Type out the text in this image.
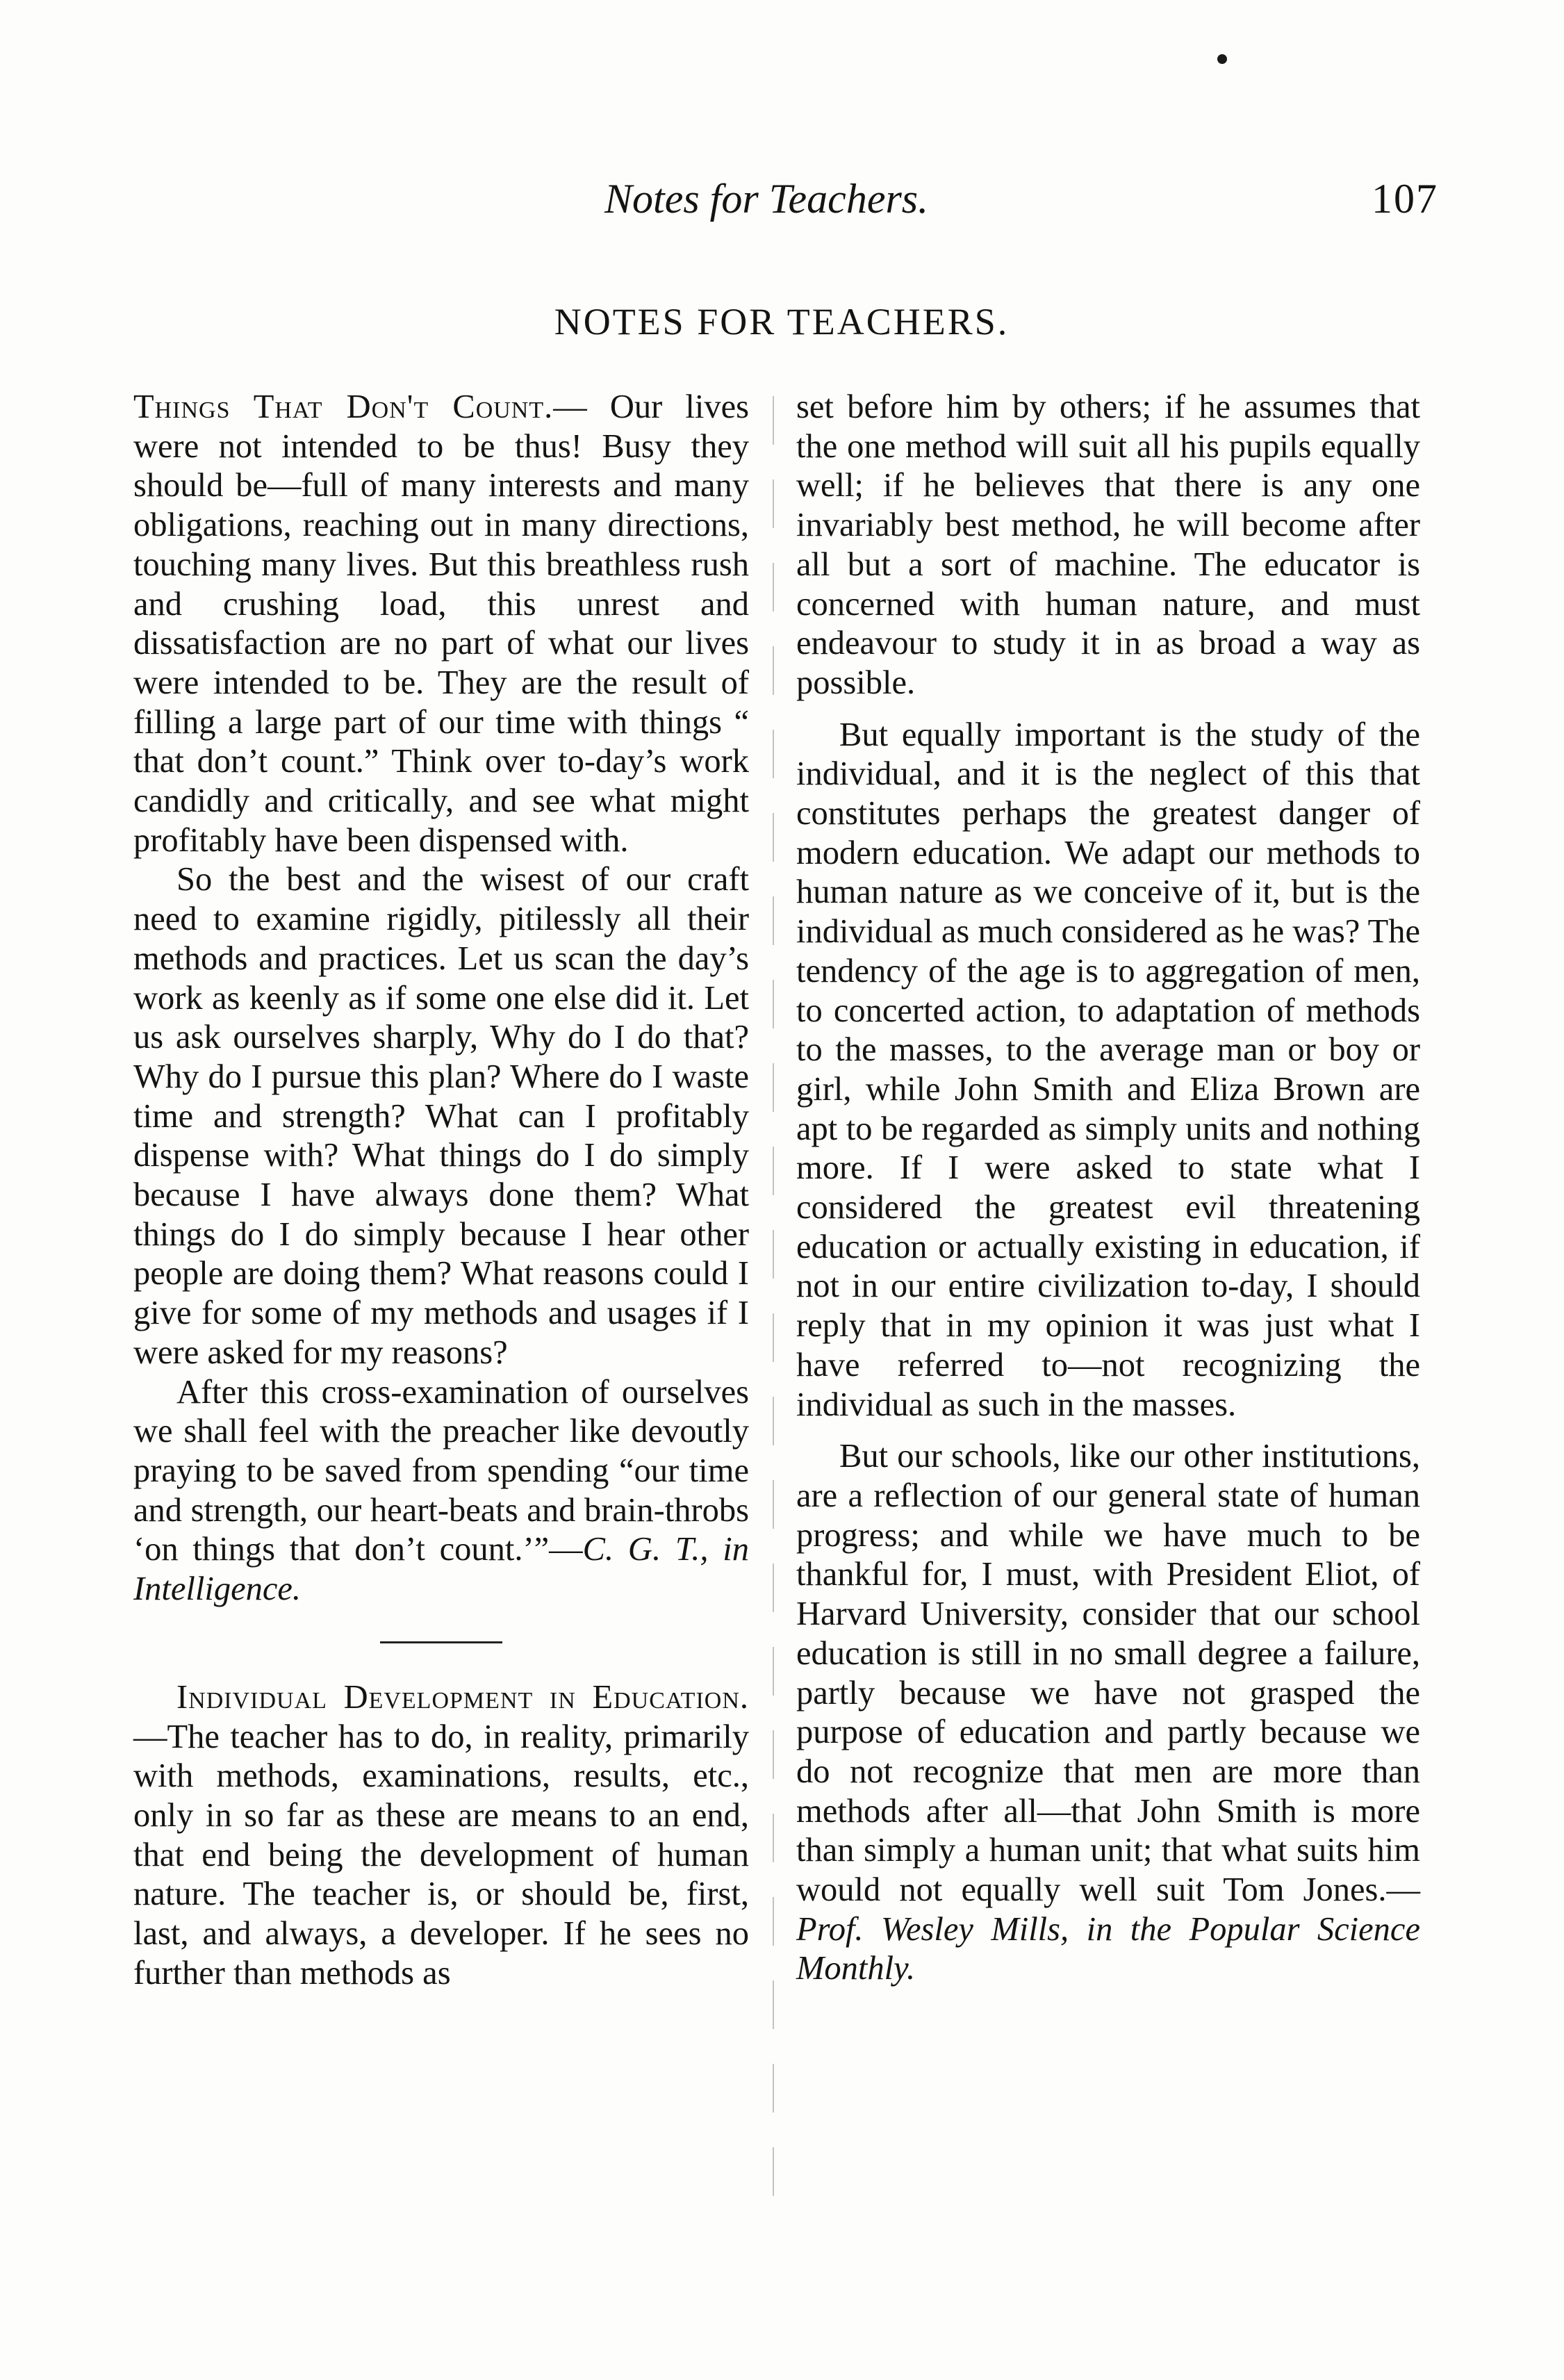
Notes for Teachers.	107
NOTES FOR TEACHERS.

Things That Don't Count.— Our lives were not intended to be thus! Busy they should be—full of many interests and many obligations, reaching out in many directions, touching many lives. But this breathless rush and crushing load, this unrest and dissatisfaction are no part of what our lives were intended to be. They are the result of filling a large part of our time with things “ that don’t count.” Think over to-day’s work candidly and critically, and see what might profitably have been dispensed with.

So the best and the wisest of our craft need to examine rigidly, pitilessly all their methods and practices. Let us scan the day’s work as keenly as if some one else did it. Let us ask ourselves sharply, Why do I do that? Why do I pursue this plan? Where do I waste time and strength? What can I profitably dispense with? What things do I do simply because I have always done them? What things do I do simply because I hear other people are doing them? What reasons could I give for some of my methods and usages if I were asked for my reasons?

After this cross-examination of ourselves we shall feel with the preacher like devoutly praying to be saved from spending “our time and strength, our heart-beats and brain-throbs ‘on things that don’t count.’”—C. G. T., in Intelligence.

Individual Development in Education.—The teacher has to do, in reality, primarily with methods, examinations, results, etc., only in so far as these are means to an end, that end being the development of human nature. The teacher is, or should be, first, last, and always, a developer. If he sees no further than methods as

set before him by others; if he assumes that the one method will suit all his pupils equally well; if he believes that there is any one invariably best method, he will become after all but a sort of machine. The educator is concerned with human nature, and must endeavour to study it in as broad a way as possible.

But equally important is the study of the individual, and it is the neglect of this that constitutes perhaps the greatest danger of modern education. We adapt our methods to human nature as we conceive of it, but is the individual as much considered as he was? The tendency of the age is to aggregation of men, to concerted action, to adaptation of methods to the masses, to the average man or boy or girl, while John Smith and Eliza Brown are apt to be regarded as simply units and nothing more. If I were asked to state what I considered the greatest evil threatening education or actually existing in education, if not in our entire civilization to-day, I should reply that in my opinion it was just what I have referred to—not recognizing the individual as such in the masses.

But our schools, like our other institutions, are a reflection of our general state of human progress; and while we have much to be thankful for, I must, with President Eliot, of Harvard University, consider that our school education is still in no small degree a failure, partly because we have not grasped the purpose of education and partly because we do not recognize that men are more than methods after all—that John Smith is more than simply a human unit; that what suits him would not equally well suit Tom Jones.—Prof. Wesley Mills, in the Popular Science Monthly.
